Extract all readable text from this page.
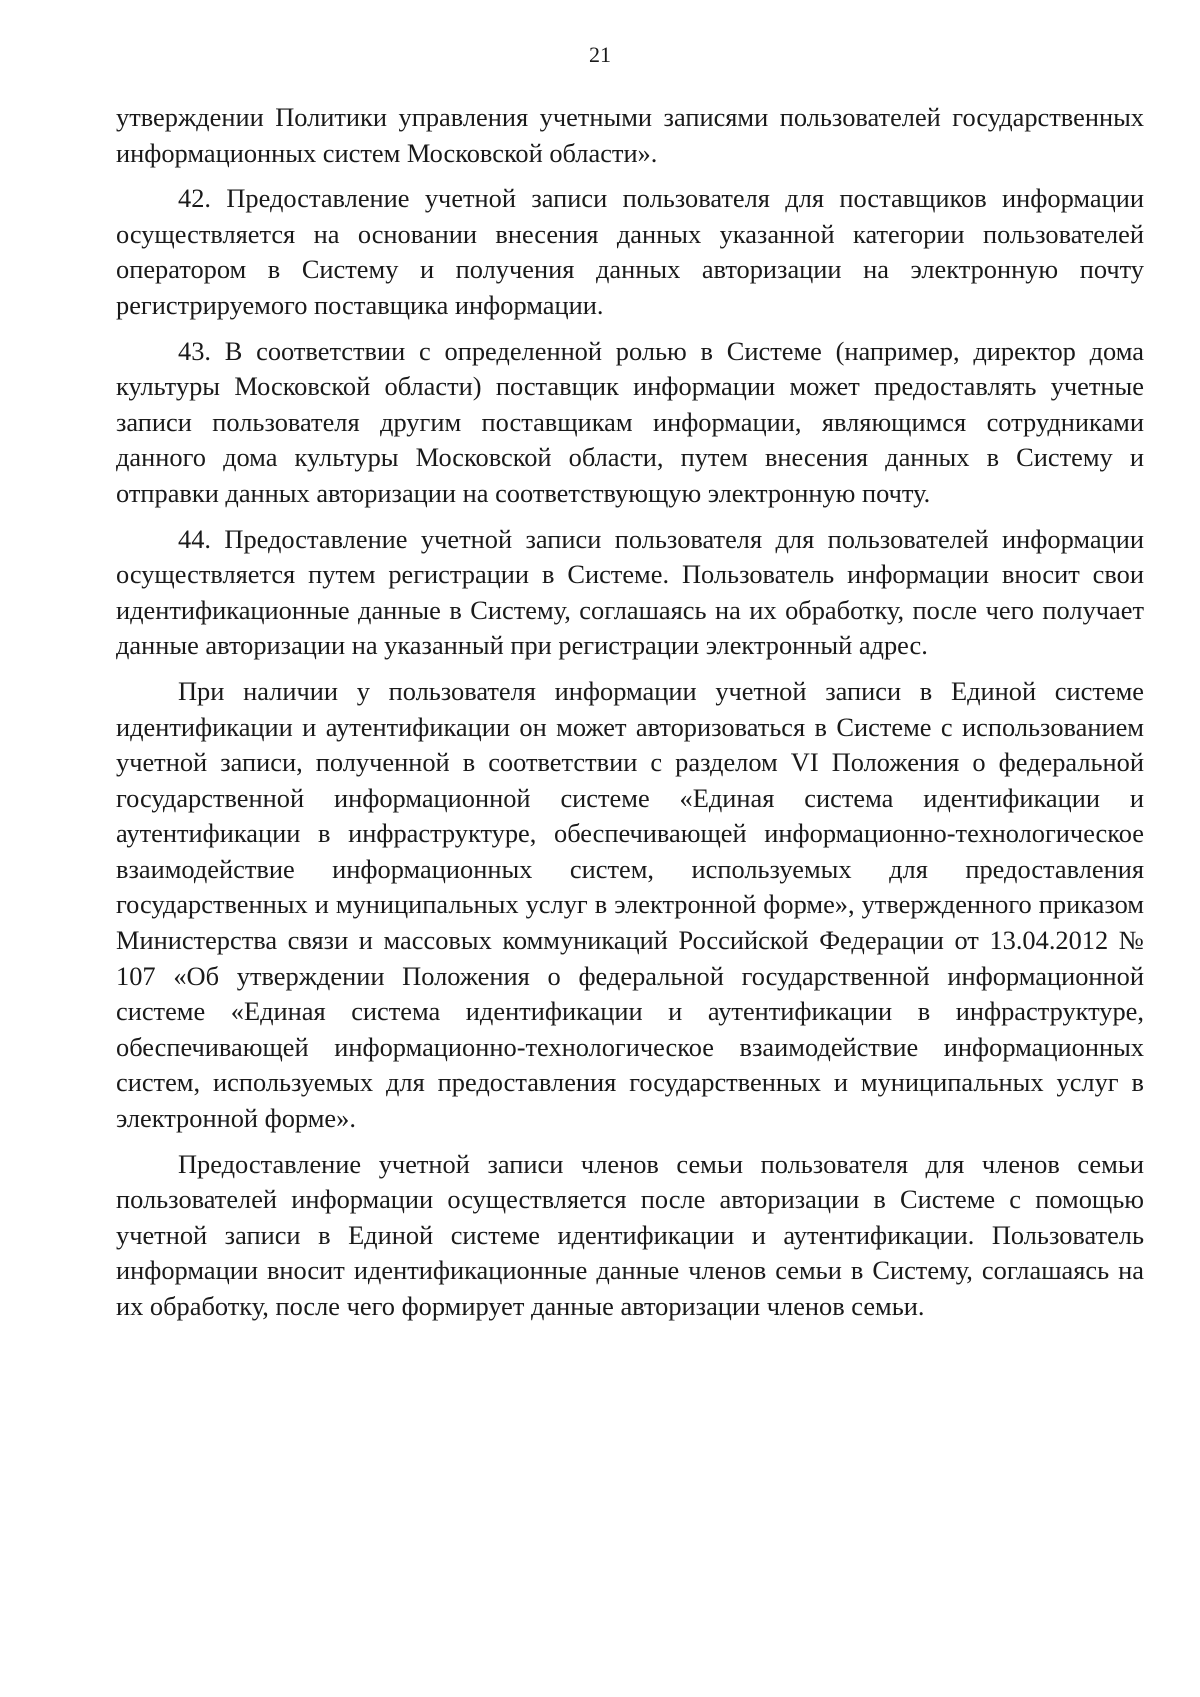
21

утверждении Политики управления учетными записями пользователей государственных информационных систем Московской области».

42. Предоставление учетной записи пользователя для поставщиков информации осуществляется на основании внесения данных указанной категории пользователей оператором в Систему и получения данных авторизации на электронную почту регистрируемого поставщика информации.

43. В соответствии с определенной ролью в Системе (например, директор дома культуры Московской области) поставщик информации может предоставлять учетные записи пользователя другим поставщикам информации, являющимся сотрудниками данного дома культуры Московской области, путем внесения данных в Систему и отправки данных авторизации на соответствующую электронную почту.

44. Предоставление учетной записи пользователя для пользователей информации осуществляется путем регистрации в Системе. Пользователь информации вносит свои идентификационные данные в Систему, соглашаясь на их обработку, после чего получает данные авторизации на указанный при регистрации электронный адрес.

При наличии у пользователя информации учетной записи в Единой системе идентификации и аутентификации он может авторизоваться в Системе с использованием учетной записи, полученной в соответствии с разделом VI Положения о федеральной государственной информационной системе «Единая система идентификации и аутентификации в инфраструктуре, обеспечивающей информационно-технологическое взаимодействие информационных систем, используемых для предоставления государственных и муниципальных услуг в электронной форме», утвержденного приказом Министерства связи и массовых коммуникаций Российской Федерации от 13.04.2012 № 107 «Об утверждении Положения о федеральной государственной информационной системе «Единая система идентификации и аутентификации в инфраструктуре, обеспечивающей информационно-технологическое взаимодействие информационных систем, используемых для предоставления государственных и муниципальных услуг в электронной форме».

Предоставление учетной записи членов семьи пользователя для членов семьи пользователей информации осуществляется после авторизации в Системе с помощью учетной записи в Единой системе идентификации и аутентификации. Пользователь информации вносит идентификационные данные членов семьи в Систему, соглашаясь на их обработку, после чего формирует данные авторизации членов семьи.
